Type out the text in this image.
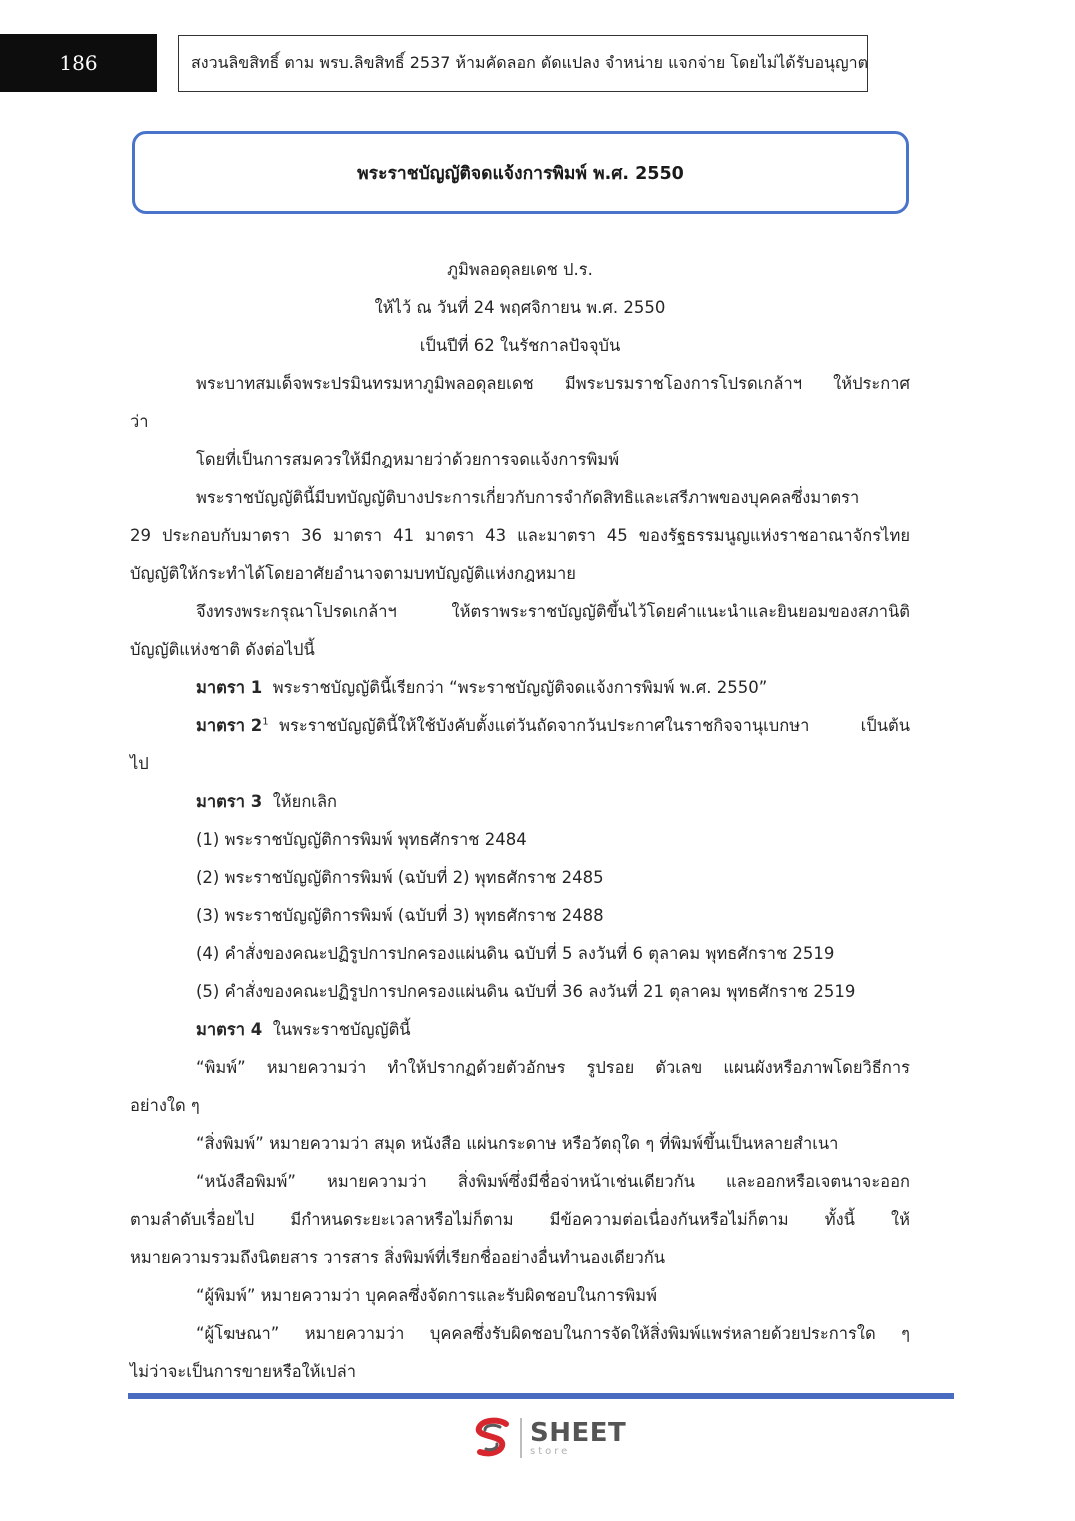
186	สงวนลิขสิทธิ์ ตาม พรบ.ลิขสิทธิ์ 2537 ห้ามคัดลอก ดัดแปลง จำหน่าย แจกจ่าย โดยไม่ได้รับอนุญาต
พระราชบัญญัติจดแจ้งการพิมพ์ พ.ศ. 2550
ภูมิพลอดุลยเดช ป.ร.
ให้ไว้ ณ วันที่ 24 พฤศจิกายน พ.ศ. 2550
เป็นปีที่ 62 ในรัชกาลปัจจุบัน
พระบาทสมเด็จพระปรมินทรมหาภูมิพลอดุลยเดช มีพระบรมราชโองการโปรดเกล้าฯ ให้ประกาศ
ว่า
โดยที่เป็นการสมควรให้มีกฎหมายว่าด้วยการจดแจ้งการพิมพ์
พระราชบัญญัตินี้มีบทบัญญัติบางประการเกี่ยวกับการจำกัดสิทธิและเสรีภาพของบุคคลซึ่งมาตรา
29 ประกอบกับมาตรา 36 มาตรา 41 มาตรา 43 และมาตรา 45 ของรัฐธรรมนูญแห่งราชอาณาจักรไทย
บัญญัติให้กระทำได้โดยอาศัยอำนาจตามบทบัญญัติแห่งกฎหมาย
จึงทรงพระกรุณาโปรดเกล้าฯ ให้ตราพระราชบัญญัติขึ้นไว้โดยคำแนะนำและยินยอมของสภานิติ
บัญญัติแห่งชาติ ดังต่อไปนี้
มาตรา 1 พระราชบัญญัตินี้เรียกว่า “พระราชบัญญัติจดแจ้งการพิมพ์ พ.ศ. 2550”
มาตรา $2^1$ พระราชบัญญัตินี้ให้ใช้บังคับตั้งแต่วันถัดจากวันประกาศในราชกิจจานุเบกษา เป็นต้น
ไป
มาตรา 3 ให้ยกเลิก
(1) พระราชบัญญัติการพิมพ์ พุทธศักราช 2484
(2) พระราชบัญญัติการพิมพ์ (ฉบับที่ 2) พุทธศักราช 2485
(3) พระราชบัญญัติการพิมพ์ (ฉบับที่ 3) พุทธศักราช 2488
(4) คำสั่งของคณะปฏิรูปการปกครองแผ่นดิน ฉบับที่ 5 ลงวันที่ 6 ตุลาคม พุทธศักราช 2519
(5) คำสั่งของคณะปฏิรูปการปกครองแผ่นดิน ฉบับที่ 36 ลงวันที่ 21 ตุลาคม พุทธศักราช 2519
มาตรา 4 ในพระราชบัญญัตินี้
“พิมพ์” หมายความว่า ทำให้ปรากฏด้วยตัวอักษร รูปรอย ตัวเลข แผนผังหรือภาพโดยวิธีการ
อย่างใด ๆ
“สิ่งพิมพ์” หมายความว่า สมุด หนังสือ แผ่นกระดาษ หรือวัตถุใด ๆ ที่พิมพ์ขึ้นเป็นหลายสำเนา
“หนังสือพิมพ์” หมายความว่า สิ่งพิมพ์ซึ่งมีชื่อจ่าหน้าเช่นเดียวกัน และออกหรือเจตนาจะออก
ตามลำดับเรื่อยไป มีกำหนดระยะเวลาหรือไม่ก็ตาม มีข้อความต่อเนื่องกันหรือไม่ก็ตาม ทั้งนี้ ให้
หมายความรวมถึงนิตยสาร วารสาร สิ่งพิมพ์ที่เรียกชื่ออย่างอื่นทำนองเดียวกัน
“ผู้พิมพ์” หมายความว่า บุคคลซึ่งจัดการและรับผิดชอบในการพิมพ์
“ผู้โฆษณา” หมายความว่า บุคคลซึ่งรับผิดชอบในการจัดให้สิ่งพิมพ์แพร่หลายด้วยประการใด ๆ
ไม่ว่าจะเป็นการขายหรือให้เปล่า
SHEET
store
